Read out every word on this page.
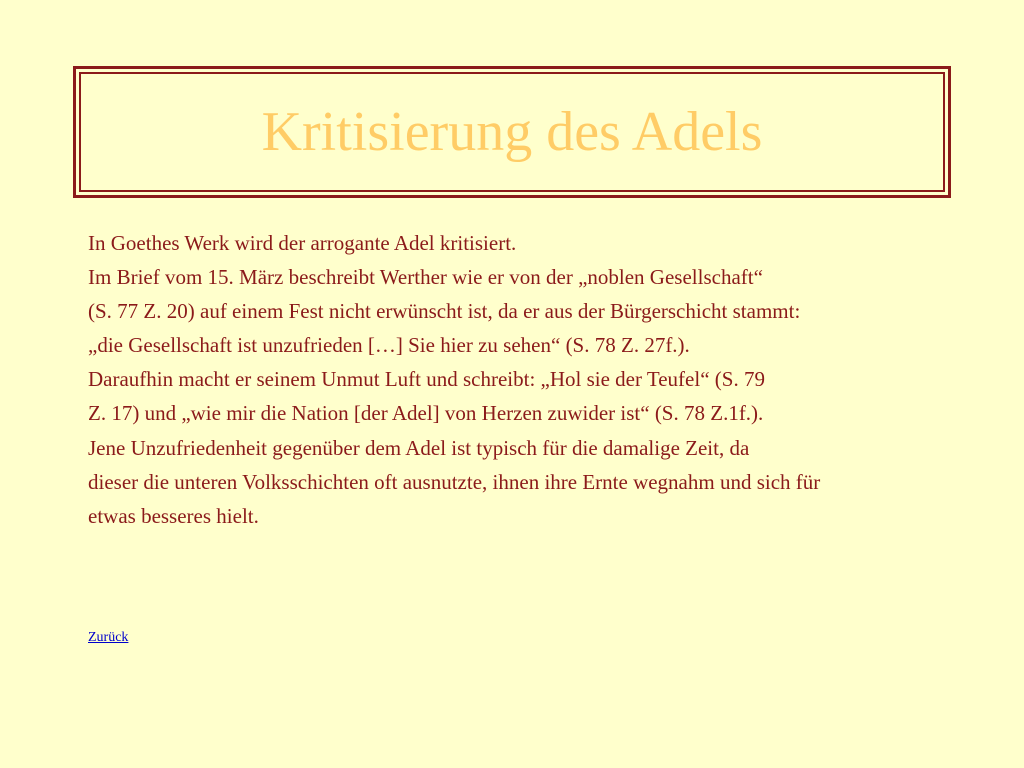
Kritisierung des Adels
In Goethes Werk wird der arrogante Adel kritisiert.
Im Brief vom 15. März beschreibt Werther wie er von der „noblen Gesellschaft“
(S. 77 Z. 20) auf einem Fest nicht erwünscht ist, da er aus der Bürgerschicht stammt:
„die Gesellschaft ist unzufrieden […] Sie hier zu sehen“ (S. 78 Z. 27f.).
Daraufhin macht er seinem Unmut Luft und schreibt: „Hol sie der Teufel“ (S. 79
Z. 17) und „wie mir die Nation [der Adel] von Herzen zuwider ist“ (S. 78 Z.1f.).
Jene Unzufriedenheit gegenüber dem Adel ist typisch für die damalige Zeit, da
dieser die unteren Volksschichten oft ausnutzte, ihnen ihre Ernte wegnahm und sich für
etwas besseres hielt.
Zurück
